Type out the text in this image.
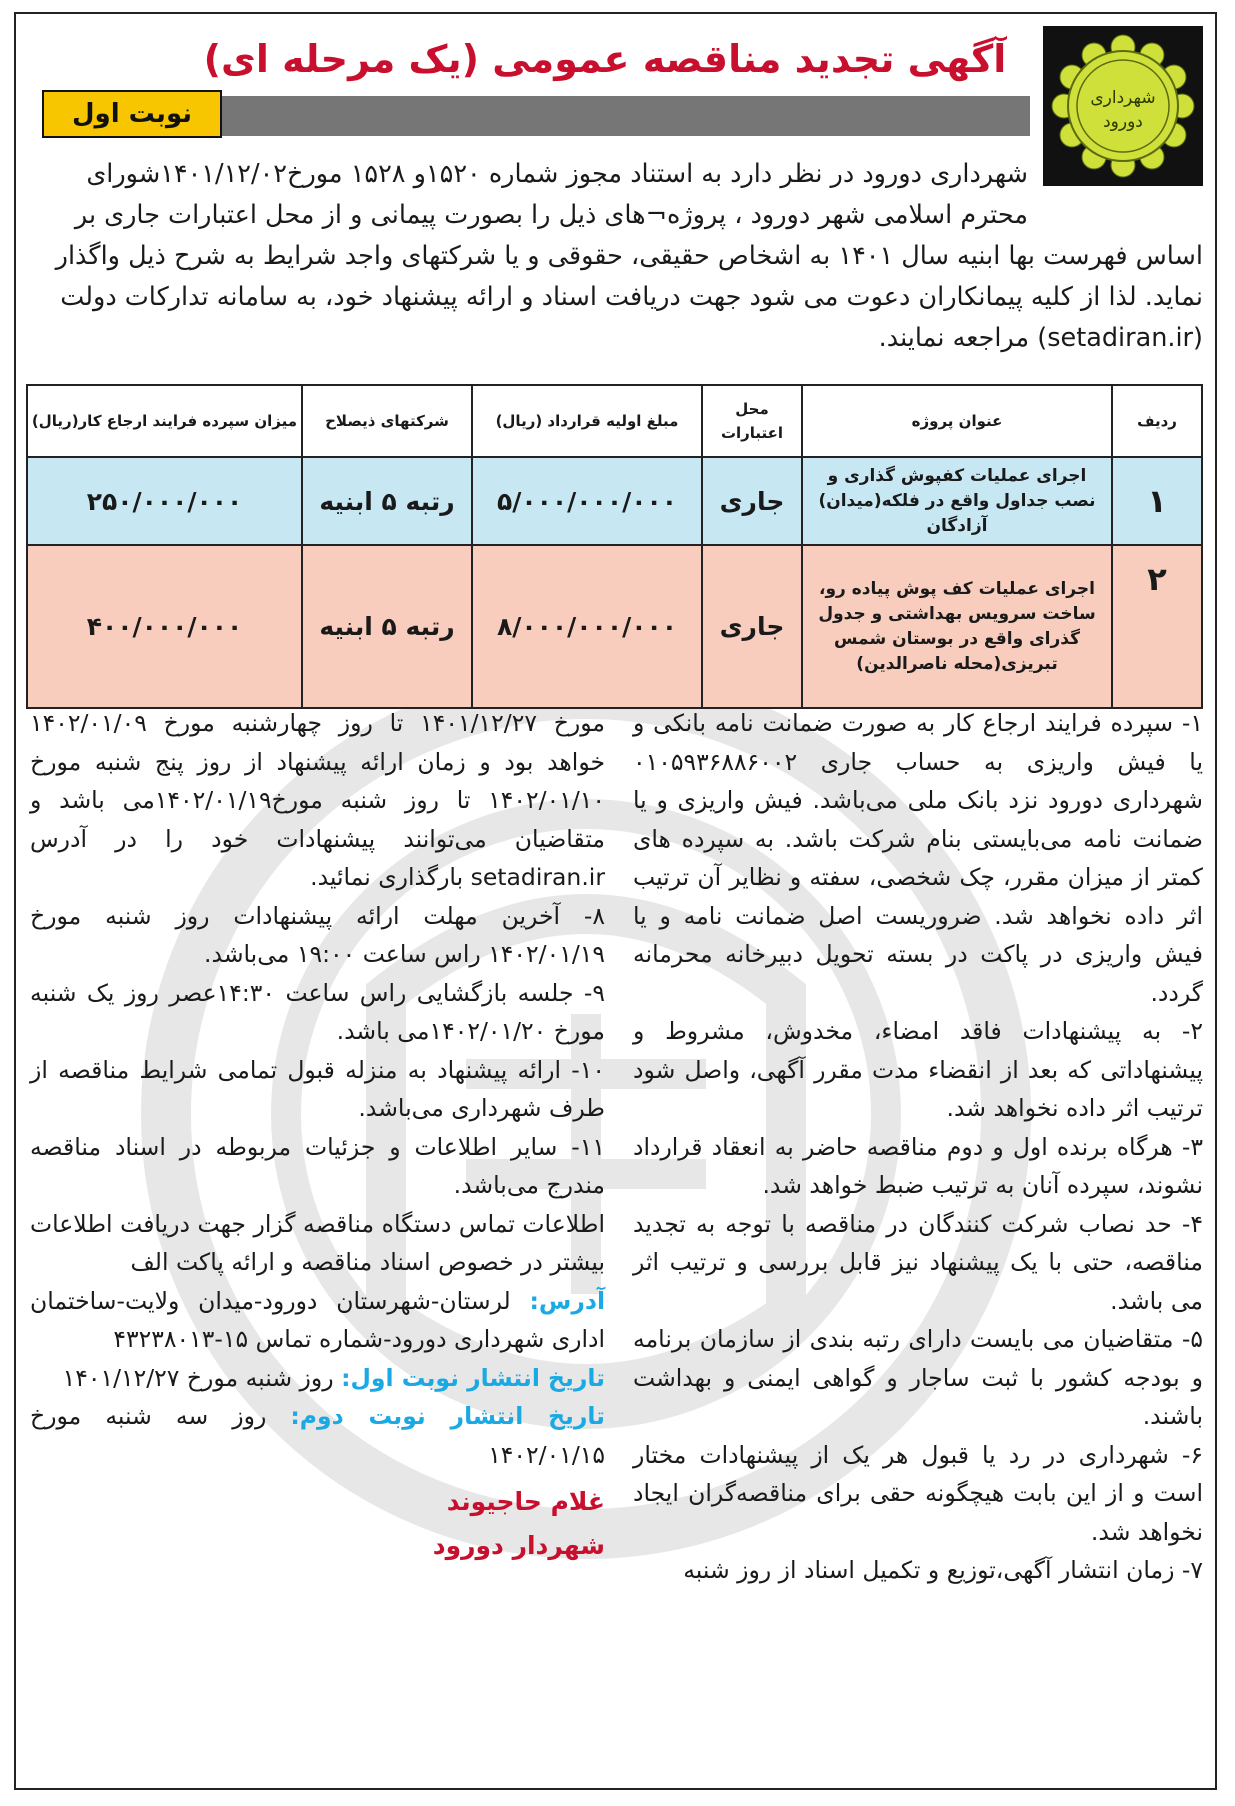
شهرداری
دورود
آگهی تجدید مناقصه عمومی (یک مرحله ای)
نوبت اول

شهرداری دورود در نظر دارد به استناد مجوز شماره ۱۵۲۰و ۱۵۲۸ مورخ۱۴۰۱/۱۲/۰۲شورای

محترم اسلامی شهر دورود ، پروژه¬های ذیل را بصورت پیمانی و از محل اعتبارات جاری بر

اساس فهرست بها ابنیه سال ۱۴۰۱ به اشخاص حقیقی، حقوقی و یا شرکتهای واجد شرایط به شرح ذیل واگذار

نماید. لذا از کلیه پیمانکاران دعوت می شود جهت دریافت اسناد و ارائه پیشنهاد خود، به سامانه تدارکات دولت

(setadiran.ir) مراجعه نمایند.

ردیف	عنوان پروژه	محل اعتبارات	مبلغ اولیه قرارداد (ریال)	شرکتهای ذیصلاح	میزان سپرده فرایند ارجاع کار(ریال)
۱	اجرای عملیات کفپوش گذاری و نصب جداول واقع در فلکه(میدان) آزادگان	جاری	۵/۰۰۰/۰۰۰/۰۰۰	رتبه ۵ ابنیه	۲۵۰/۰۰۰/۰۰۰
۲	اجرای عملیات کف پوش پیاده رو، ساخت سرویس بهداشتی و جدول گذرای واقع در بوستان شمس تبریزی(محله ناصرالدین)	جاری	۸/۰۰۰/۰۰۰/۰۰۰	رتبه ۵ ابنیه	۴۰۰/۰۰۰/۰۰۰

۱- سپرده فرایند ارجاع کار به صورت ضمانت نامه بانکی و یا فیش واریزی به حساب جاری ۰۱۰۵۹۳۶۸۸۶۰۰۲ شهرداری دورود نزد بانک ملی می‌باشد. فیش واریزی و یا ضمانت نامه می‌بایستی بنام شرکت باشد. به سپرده های کمتر از میزان مقرر، چک شخصی، سفته و نظایر آن ترتیب اثر داده نخواهد شد. ضروریست اصل ضمانت نامه و یا فیش واریزی در پاکت در بسته تحویل دبیرخانه محرمانه گردد.

۲- به پیشنهادات فاقد امضاء، مخدوش، مشروط و پیشنهاداتی که بعد از انقضاء مدت مقرر آگهی، واصل شود ترتیب اثر داده نخواهد شد.

۳- هرگاه برنده اول و دوم مناقصه حاضر به انعقاد قرارداد نشوند، سپرده آنان به ترتیب ضبط خواهد شد.

۴- حد نصاب شرکت کنندگان در مناقصه با توجه به تجدید مناقصه، حتی با یک پیشنهاد نیز قابل بررسی و ترتیب اثر می باشد.

۵- متقاضیان می بایست دارای رتبه بندی از سازمان برنامه و بودجه کشور با ثبت ساجار و گواهی ایمنی و بهداشت باشند.

۶- شهرداری در رد یا قبول هر یک از پیشنهادات مختار است و از این بابت هیچگونه حقی برای مناقصه‌گران ایجاد نخواهد شد.

۷- زمان انتشار آگهی،توزیع و تکمیل اسناد از روز شنبه

مورخ ۱۴۰۱/۱۲/۲۷ تا روز چهارشنبه مورخ ۱۴۰۲/۰۱/۰۹ خواهد بود و زمان ارائه پیشنهاد از روز پنج شنبه مورخ ۱۴۰۲/۰۱/۱۰ تا روز شنبه مورخ۱۴۰۲/۰۱/۱۹می باشد و متقاضیان می‌توانند پیشنهادات خود را در آدرس setadiran.ir بارگذاری نمائید.

۸- آخرین مهلت ارائه پیشنهادات روز شنبه مورخ ۱۴۰۲/۰۱/۱۹ راس ساعت ۱۹:۰۰ می‌باشد.

۹- جلسه بازگشایی راس ساعت ۱۴:۳۰عصر روز یک شنبه مورخ ۱۴۰۲/۰۱/۲۰می باشد.

۱۰- ارائه پیشنهاد به منزله قبول تمامی شرایط مناقصه از طرف شهرداری می‌باشد.

۱۱- سایر اطلاعات و جزئیات مربوطه در اسناد مناقصه مندرج می‌باشد.

اطلاعات تماس دستگاه مناقصه گزار جهت دریافت اطلاعات بیشتر در خصوص اسناد مناقصه و ارائه پاکت الف

آدرس: لرستان-شهرستان دورود-میدان ولایت-ساختمان اداری شهرداری دورود-شماره تماس ۱۵-۴۳۲۳۸۰۱۳

تاریخ انتشار نوبت اول: روز شنبه مورخ ۱۴۰۱/۱۲/۲۷

تاریخ انتشار نوبت دوم: روز سه شنبه مورخ ۱۴۰۲/۰۱/۱۵

غلام حاجیوند
شهردار دورود
